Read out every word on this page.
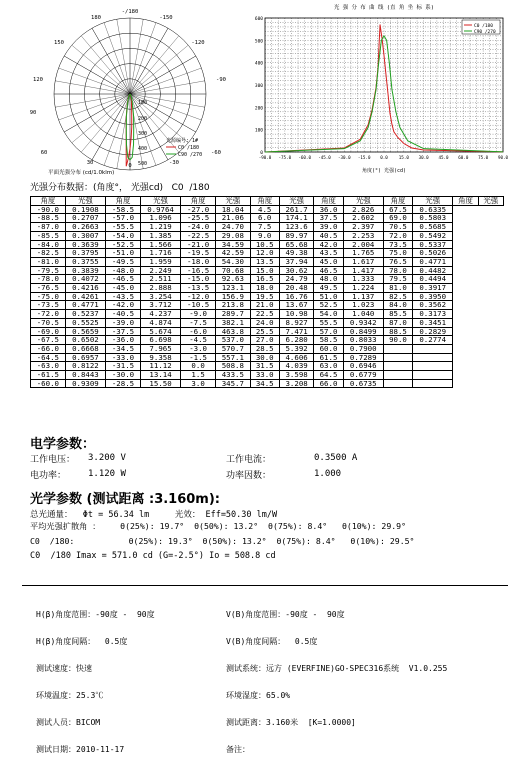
-/180
180
150
-150
120
-120
90
-90
60	-60
30	-30
0
100
200
300
400
500
光源编号: 1#
C0 /180
C90 /270
平面光强分布 (cd/1.0klm)
光 强 分 布 曲 线 (直 角 坐 标 系)
600
500
400
300
200
100
0
-90.0 -75.0 -60.0 -45.0 -30.0 -15.0 0.0	15.0 30.0 45.0 60.0 75.0 90.0
C0 /180
C90 /270
角度(°) 光强(cd)
光强分布数据：(角度°， 光强cd)   C0  /180
角度	光强	角度	光强	角度	光强	角度	光强	角度	光强	角度	光强	角度	光强
-90.0	0.1908	-58.5	0.9764	-27.0	18.04	4.5	261.7	36.0	2.826	67.5	0.6335		
-88.5	0.2707	-57.0	1.096	-25.5	21.06	6.0	174.1	37.5	2.602	69.0	0.5803		
-87.0	0.2663	-55.5	1.219	-24.0	24.70	7.5	123.6	39.0	2.397	70.5	0.5685		
-85.5	0.3007	-54.0	1.385	-22.5	29.08	9.0	89.97	40.5	2.253	72.0	0.5492		
-84.0	0.3639	-52.5	1.566	-21.0	34.59	10.5	65.68	42.0	2.004	73.5	0.5337		
-82.5	0.3795	-51.0	1.716	-19.5	42.59	12.0	49.38	43.5	1.765	75.0	0.5026		
-81.0	0.3755	-49.5	1.959	-18.0	54.30	13.5	37.94	45.0	1.617	76.5	0.4771		
-79.5	0.3839	-48.0	2.249	-16.5	70.68	15.0	30.62	46.5	1.417	78.0	0.4482		
-78.0	0.4072	-46.5	2.511	-15.0	92.63	16.5	24.79	48.0	1.333	79.5	0.4494		
-76.5	0.4216	-45.0	2.888	-13.5	123.1	18.0	20.48	49.5	1.224	81.0	0.3917		
-75.0	0.4261	-43.5	3.254	-12.0	156.9	19.5	16.76	51.0	1.137	82.5	0.3950		
-73.5	0.4771	-42.0	3.712	-10.5	213.8	21.0	13.67	52.5	1.023	84.0	0.3562		
-72.0	0.5237	-40.5	4.237	-9.0	289.7	22.5	10.98	54.0	1.040	85.5	0.3173		
-70.5	0.5525	-39.0	4.874	-7.5	382.1	24.0	8.927	55.5	0.9342	87.0	0.3451		
-69.0	0.5659	-37.5	5.674	-6.0	463.8	25.5	7.471	57.0	0.8499	88.5	0.2829		
-67.5	0.6502	-36.0	6.698	-4.5	537.0	27.0	6.280	58.5	0.8033	90.0	0.2774		
-66.0	0.6668	-34.5	7.965	-3.0	570.7	28.5	5.392	60.0	0.7900				
-64.5	0.6957	-33.0	9.358	-1.5	557.1	30.0	4.606	61.5	0.7289				
-63.0	0.8122	-31.5	11.12	0.0	508.8	31.5	4.039	63.0	0.6946				
-61.5	0.8443	-30.0	13.14	1.5	433.5	33.0	3.598	64.5	0.6779				
-60.0	0.9309	-28.5	15.50	3.0	345.7	34.5	3.208	66.0	0.6735				
电学参数：
工作电压： 3.200 V	工作电流：	0.3500 A
电功率： 1.120 W	功率因数：	1.000
光学参数 (测试距离 :3.160m):
总光通量：  Φt = 56.34 lm     光效： Eff=50.30 lm/W
平均光强扩散角 ：    θ(25%): 19.7°  θ(50%): 13.2°  θ(75%): 8.4°   θ(10%): 29.9°
C0  /180:           θ(25%): 19.3°  θ(50%): 13.2°  θ(75%): 8.4°   θ(10%): 29.5°
C0  /180 Imax = 571.0 cd (G=-2.5°) Io = 508.8 cd

H(β)角度范围：-90度 -  90度

H(β)角度间隔：  0.5度

测试速度：快速

环境温度：25.3℃

测试人员：BICOM

测试日期：2010-11-17

V(B)角度范围：-90度 -  90度

V(B)角度间隔：  0.5度

测试系统：远方 (EVERFINE)GO-SPEC316系统  V1.0.255

环境湿度：65.0%

测试距离：3.160米  [K=1.0000]

备注：
